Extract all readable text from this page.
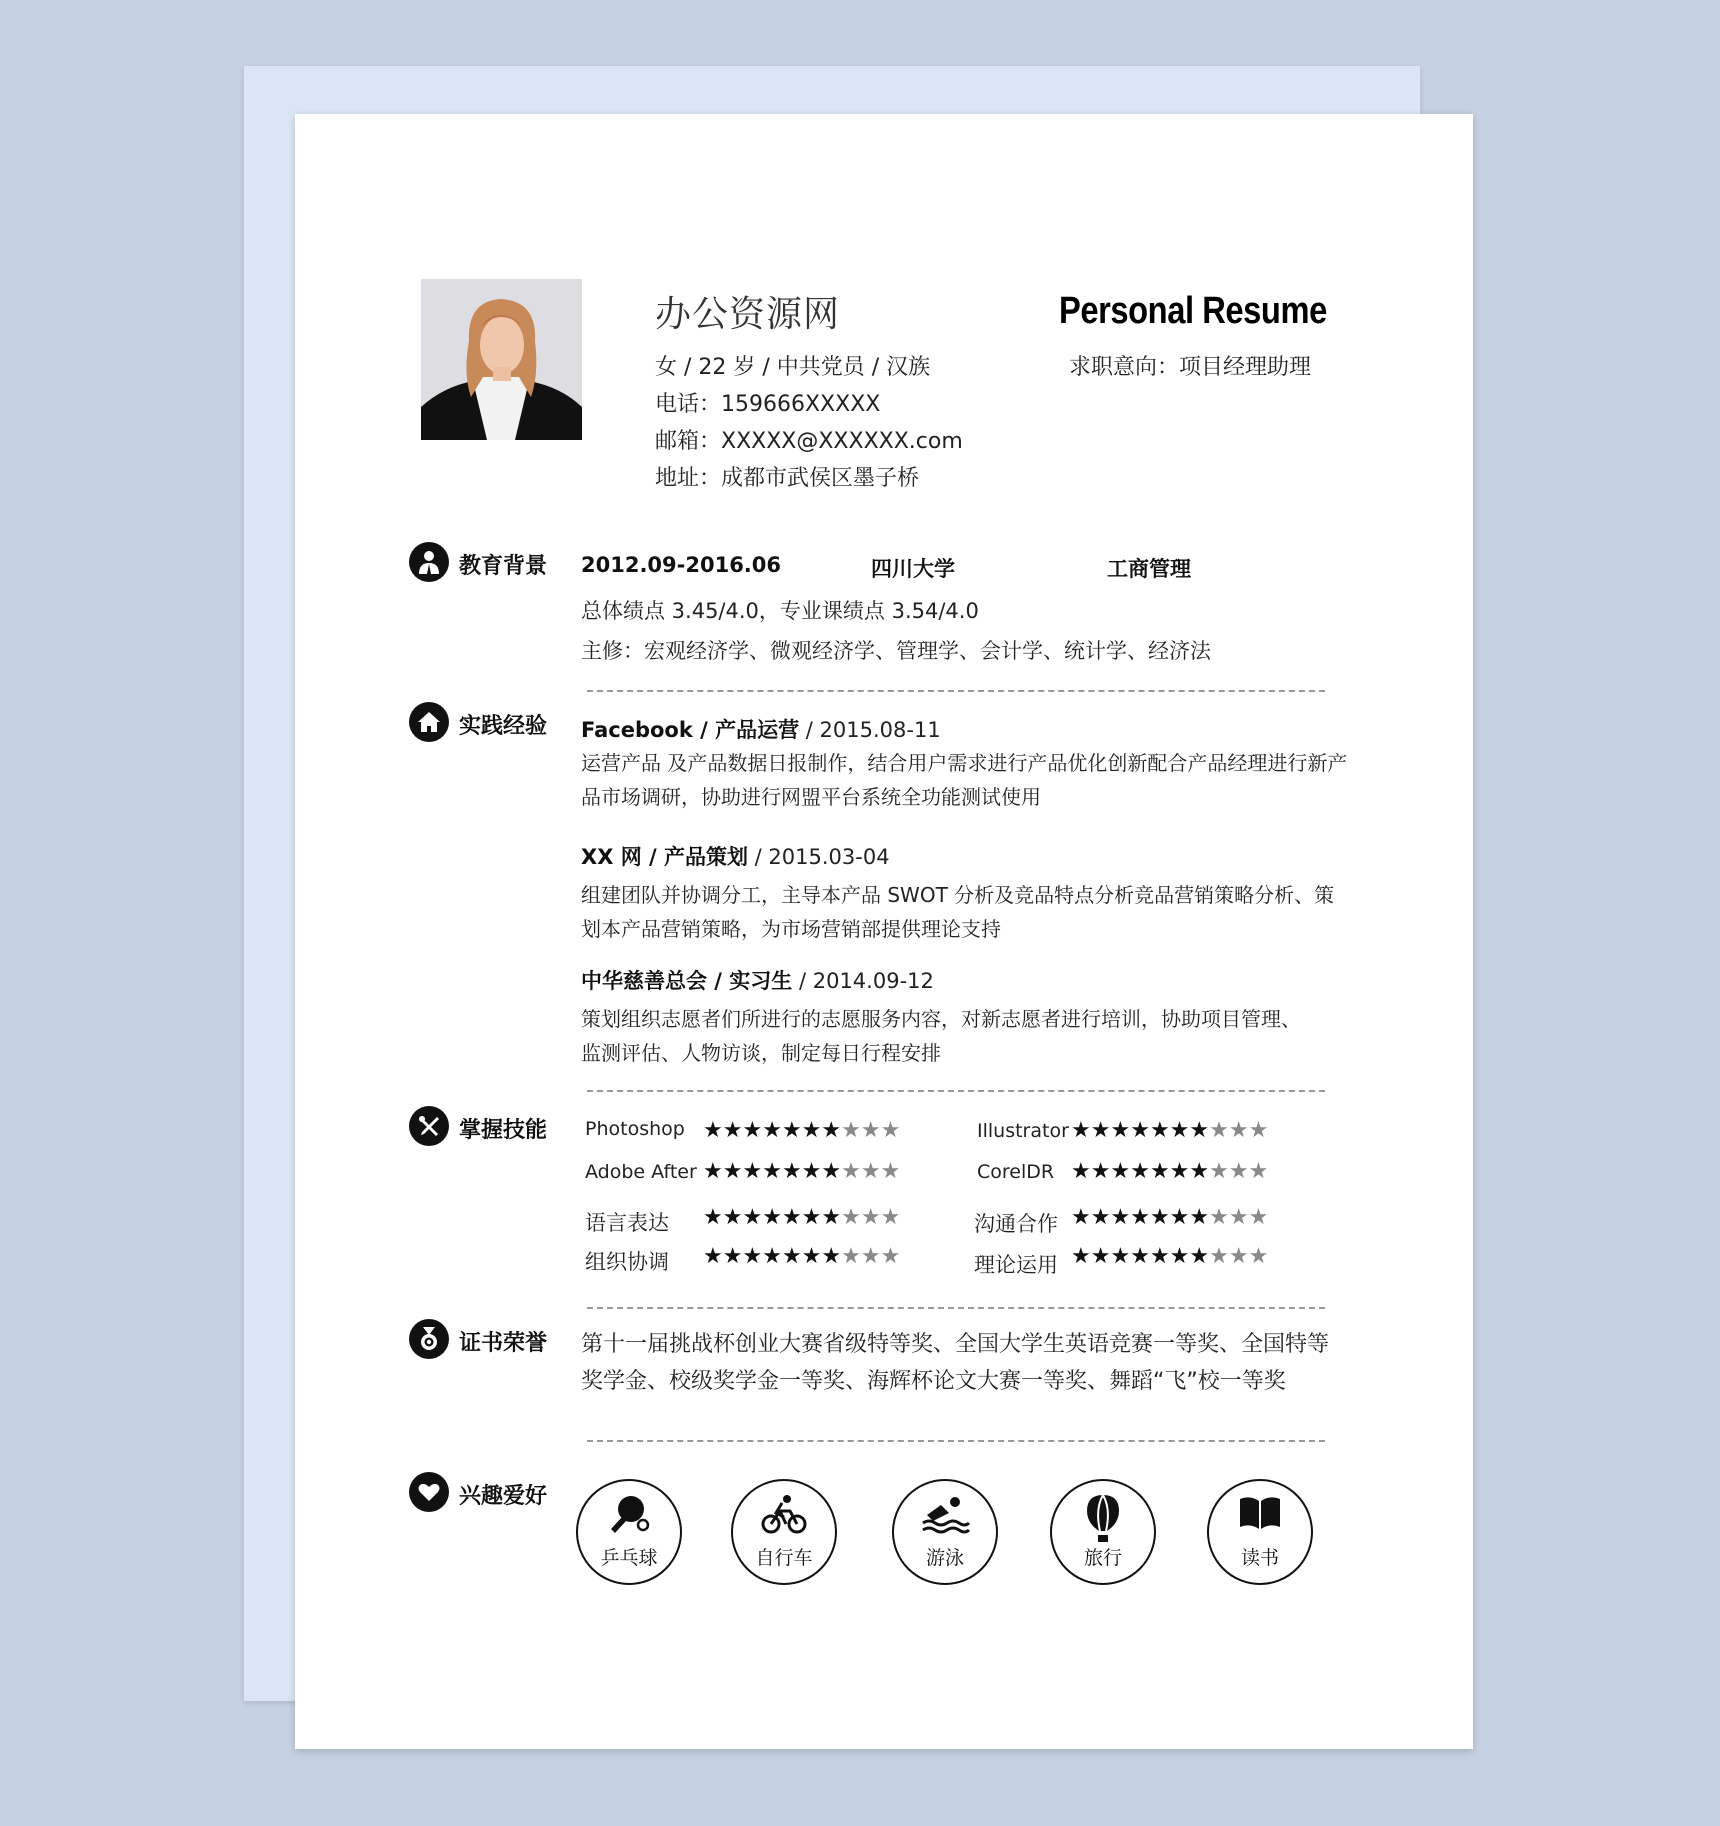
办公资源网
女 / 22 岁 / 中共党员 / 汉族
电话：159666XXXXX
邮箱：XXXXX@XXXXXX.com
地址：成都市武侯区墨子桥
Personal Resume
求职意向：项目经理助理
教育背景 2012.09-2016.06	四川大学	工商管理
总体绩点 3.45/4.0，专业课绩点 3.54/4.0
主修：宏观经济学、微观经济学、管理学、会计学、统计学、经济法
实践经验 Facebook / 产品运营 / 2015.08-11
运营产品 及产品数据日报制作，结合用户需求进行产品优化创新配合产品经理进行新产
品市场调研，协助进行网盟平台系统全功能测试使用
XX 网 / 产品策划 / 2015.03-04
组建团队并协调分工，主导本产品 SWOT 分析及竞品特点分析竞品营销策略分析、策
划本产品营销策略，为市场营销部提供理论支持
中华慈善总会 / 实习生 / 2014.09-12
策划组织志愿者们所进行的志愿服务内容，对新志愿者进行培训，协助项目管理、
监测评估、人物访谈，制定每日行程安排
掌握技能 Photoshop ★★★★★★★★★★	Illustrator ★★★★★★★★★★
Adobe After ★★★★★★★★★★	CorelDR ★★★★★★★★★★
语言表达 ★★★★★★★★★★	沟通合作 ★★★★★★★★★★
组织协调 ★★★★★★★★★★	理论运用 ★★★★★★★★★★
证书荣誉 第十一届挑战杯创业大赛省级特等奖、全国大学生英语竞赛一等奖、全国特等
奖学金、校级奖学金一等奖、海辉杯论文大赛一等奖、舞蹈“飞”校一等奖
兴趣爱好
乒乓球	自行车	游泳	旅行	读书
